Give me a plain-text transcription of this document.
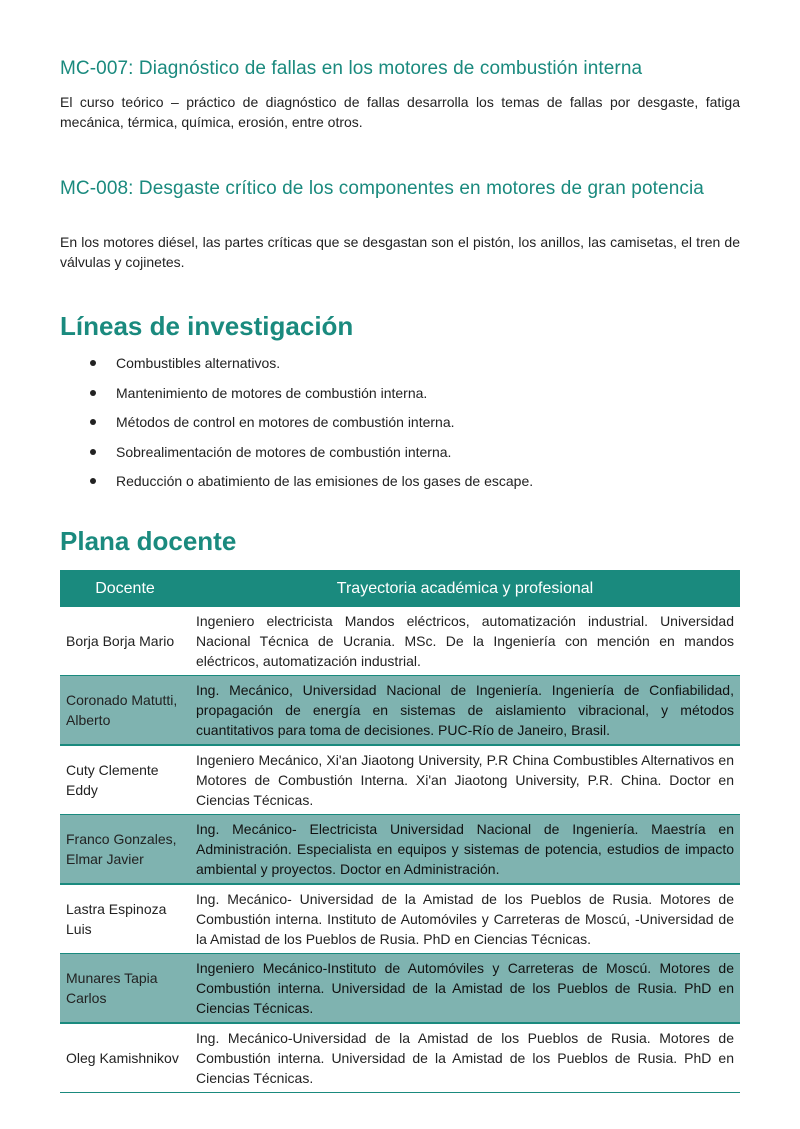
MC-007: Diagnóstico de fallas en los motores de combustión interna

El curso teórico – práctico de diagnóstico de fallas desarrolla los temas de fallas por desgaste, fatiga mecánica, térmica, química, erosión, entre otros.

MC-008: Desgaste crítico de los componentes en motores de gran potencia

En los motores diésel, las partes críticas que se desgastan son el pistón, los anillos, las camisetas, el tren de válvulas y cojinetes.

Líneas de investigación
Combustibles alternativos.
Mantenimiento de motores de combustión interna.
Métodos de control en motores de combustión interna.
Sobrealimentación de motores de combustión interna.
Reducción o abatimiento de las emisiones de los gases de escape.
Plana docente
Docente	Trayectoria académica y profesional
Borja Borja Mario	Ingeniero electricista Mandos eléctricos, automatización industrial. Universidad Nacional Técnica de Ucrania. MSc. De la Ingeniería con mención en mandos eléctricos, automatización industrial.
Coronado Matutti, Alberto	Ing. Mecánico, Universidad Nacional de Ingeniería. Ingeniería de Confiabilidad, propagación de energía en sistemas de aislamiento vibracional, y métodos cuantitativos para toma de decisiones. PUC-Río de Janeiro, Brasil.
Cuty Clemente Eddy	Ingeniero Mecánico, Xi'an Jiaotong University, P.R China Combustibles Alternativos en Motores de Combustión Interna. Xi'an Jiaotong University, P.R. China. Doctor en Ciencias Técnicas.
Franco Gonzales, Elmar Javier	Ing. Mecánico- Electricista Universidad Nacional de Ingeniería. Maestría en Administración. Especialista en equipos y sistemas de potencia, estudios de impacto ambiental y proyectos. Doctor en Administración.
Lastra Espinoza Luis	Ing. Mecánico- Universidad de la Amistad de los Pueblos de Rusia. Motores de Combustión interna. Instituto de Automóviles y Carreteras de Moscú, -Universidad de la Amistad de los Pueblos de Rusia. PhD en Ciencias Técnicas.
Munares Tapia Carlos	Ingeniero Mecánico-Instituto de Automóviles y Carreteras de Moscú. Motores de Combustión interna. Universidad de la Amistad de los Pueblos de Rusia. PhD en Ciencias Técnicas.
Oleg Kamishnikov	Ing. Mecánico-Universidad de la Amistad de los Pueblos de Rusia. Motores de Combustión interna. Universidad de la Amistad de los Pueblos de Rusia. PhD en Ciencias Técnicas.
